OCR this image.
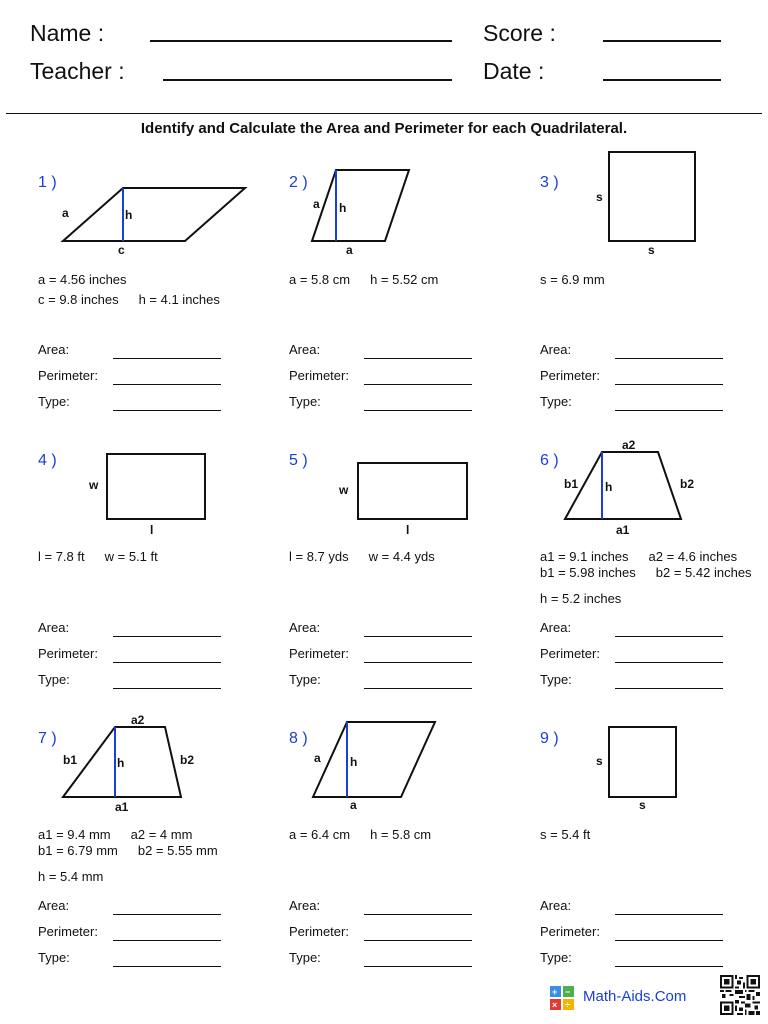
Name :
Teacher :
Score :
Date :
Identify and Calculate the Area and Perimeter for each Quadrilateral.
a	h
c
1 )
a = 4.56 inches
c = 9.8 inches h = 4.1 inches
Area:
Perimeter:
Type:
a h
a
2 )
a = 5.8 cm h = 5.52 cm
Area:
Perimeter:
Type:
s
s
3 )
s = 6.9 mm
Area:
Perimeter:
Type:
w
l
4 )
l = 7.8 ft w = 5.1 ft
Area:
Perimeter:
Type:
w
l
5 )
l = 8.7 yds w = 4.4 yds
Area:
Perimeter:
Type:
a2
b1 h	b2
a1
6 )
a1 = 9.1 inches a2 = 4.6 inches
b1 = 5.98 inches b2 = 5.42 inches
h = 5.2 inches
Area:
Perimeter:
Type:
a2
b1	h	b2
a1
7 )
a1 = 9.4 mm a2 = 4 mm
b1 = 6.79 mm b2 = 5.55 mm
h = 5.4 mm
Area:
Perimeter:
Type:
a h
a
8 )
a = 6.4 cm h = 5.8 cm
Area:
Perimeter:
Type:
s
s
9 )
s = 5.4 ft
Area:
Perimeter:
Type:
+ −
× ÷ Math-Aids.Com
